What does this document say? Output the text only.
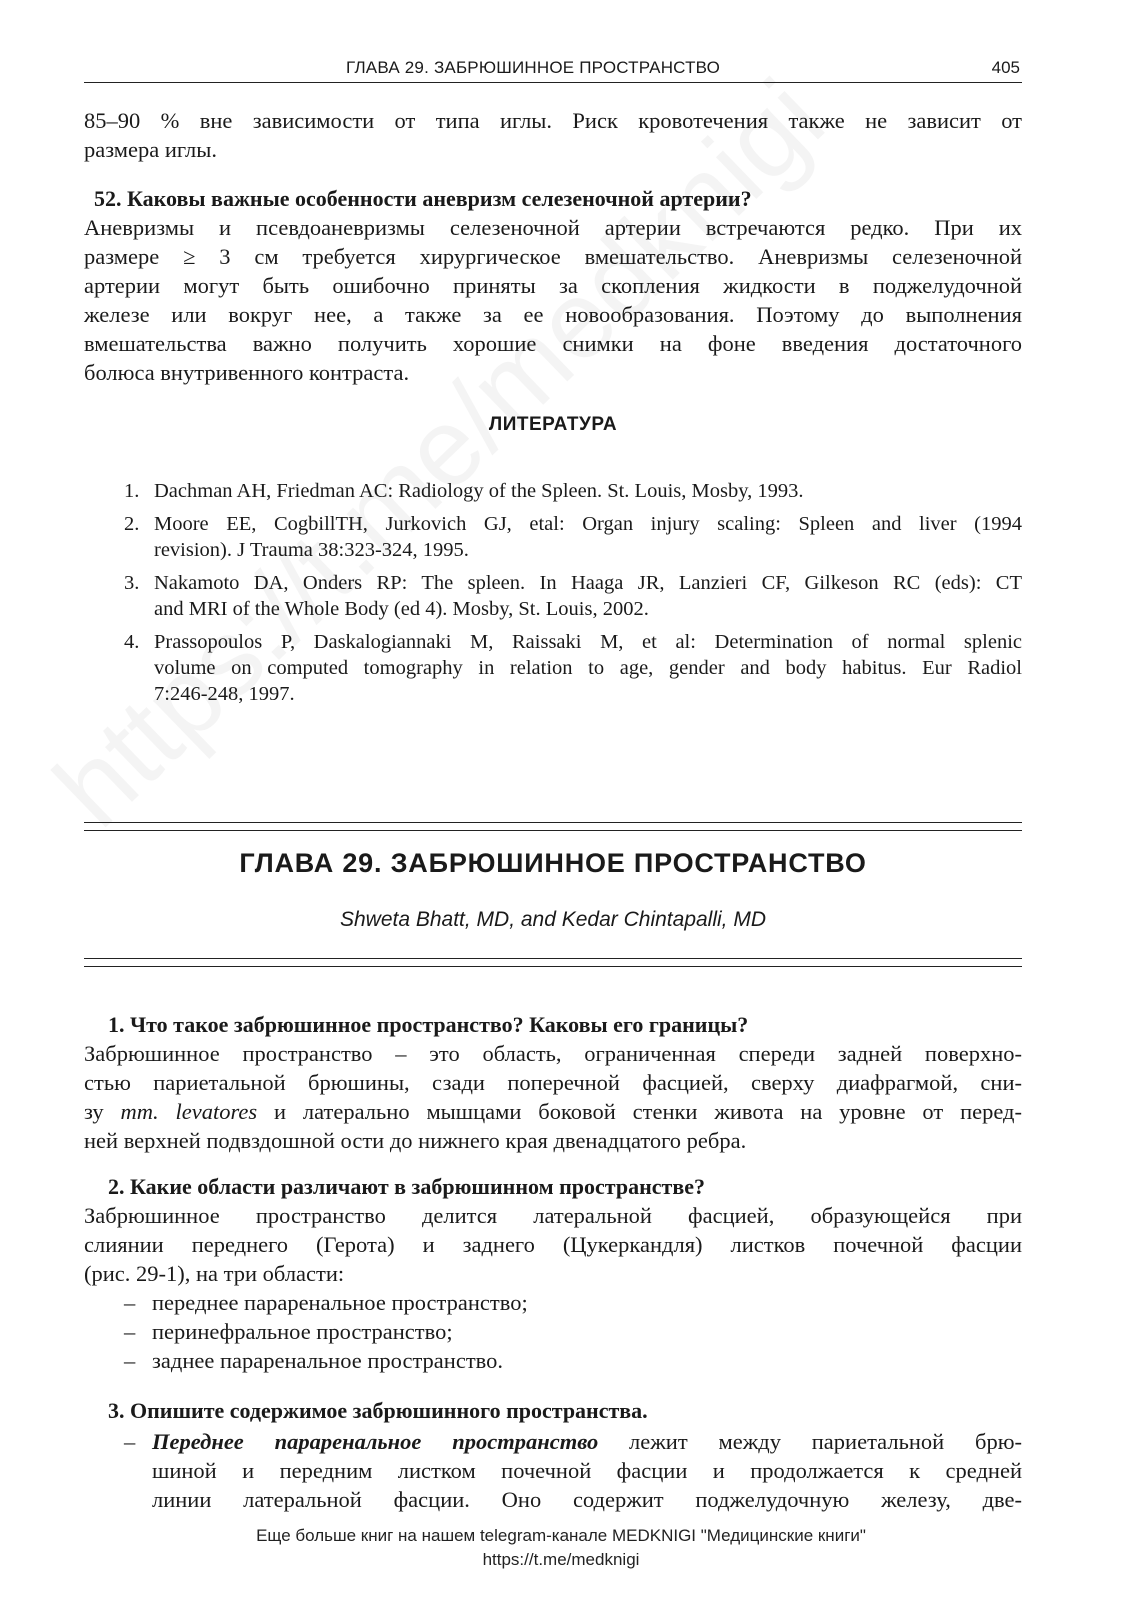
ГЛАВА 29. ЗАБРЮШИННОЕ ПРОСТРАНСТВО	405
85–90 % вне зависимости от типа иглы. Риск кровотечения также не зависит от
размера иглы.
52. Каковы важные особенности аневризм селезеночной артерии?
Аневризмы и псевдоаневризмы селезеночной артерии встречаются редко. При их
размере ≥ 3 см требуется хирургическое вмешательство. Аневризмы селезеночной
артерии могут быть ошибочно приняты за скопления жидкости в поджелудочной
железе или вокруг нее, а также за ее новообразования. Поэтому до выполнения
вмешательства важно получить хорошие снимки на фоне введения достаточного
болюса внутривенного контраста.
ЛИТЕРАТУРА
1. Dachman AH, Friedman AC: Radiology of the Spleen. St. Louis, Mosby, 1993.
2. Moore EE, CogbillTH, Jurkovich GJ, etal: Organ injury scaling: Spleen and liver (1994
revision). J Trauma 38:323-324, 1995.
3. Nakamoto DA, Onders RP: The spleen. In Haaga JR, Lanzieri CF, Gilkeson RC (eds): CT
and MRI of the Whole Body (ed 4). Mosby, St. Louis, 2002.
4. Prassopoulos P, Daskalogiannaki M, Raissaki M, et al: Determination of normal splenic
volume on computed tomography in relation to age, gender and body habitus. Eur Radiol
7:246-248, 1997.
ГЛАВА 29. ЗАБРЮШИННОЕ ПРОСТРАНСТВО
Shweta Bhatt, MD, and Kedar Chintapalli, MD
1. Что такое забрюшинное пространство? Каковы его границы?
Забрюшинное пространство – это область, ограниченная спереди задней поверхно-
стью париетальной брюшины, сзади поперечной фасцией, сверху диафрагмой, сни-
зу mm. levatores и латерально мышцами боковой стенки живота на уровне от перед-
ней верхней подвздошной ости до нижнего края двенадцатого ребра.
2. Какие области различают в забрюшинном пространстве?
Забрюшинное пространство делится латеральной фасцией, образующейся при
слиянии переднего (Герота) и заднего (Цукеркандля) листков почечной фасции
(рис. 29-1), на три области:
– переднее параренальное пространство;
– перинефральное пространство;
– заднее параренальное пространство.
3. Опишите содержимое забрюшинного пространства.
– Переднее параренальное пространство лежит между париетальной брю-
шиной и передним листком почечной фасции и продолжается к средней
линии латеральной фасции. Оно содержит поджелудочную железу, две-
Еще больше книг на нашем telegram-канале MEDKNIGI "Медицинские книги"
https://t.me/medknigi
